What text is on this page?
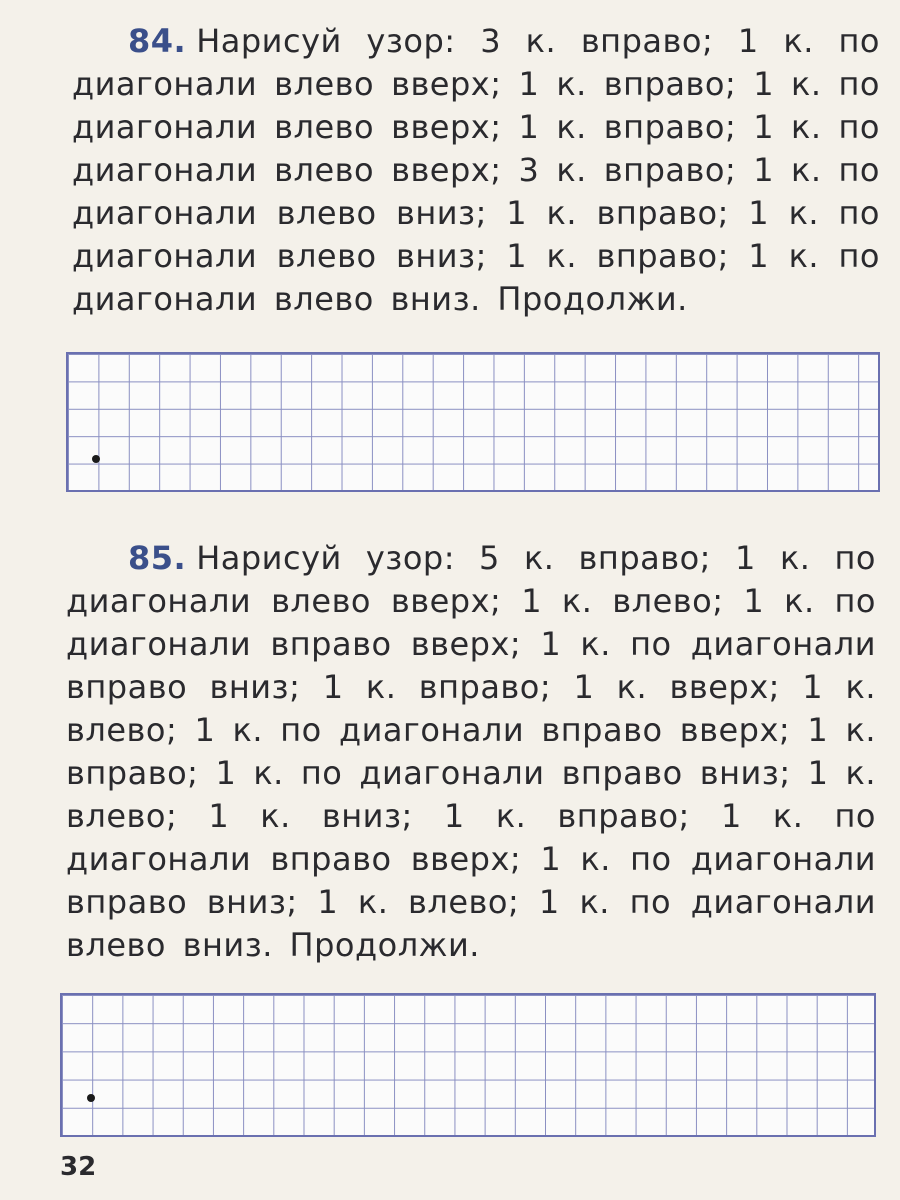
84. Нарисуй узор: 3 к. вправо; 1 к. по диагонали влево вверх; 1 к. вправо; 1 к. по диагонали влево вверх; 1 к. вправо; 1 к. по диагонали влево вверх; 3 к. вправо; 1 к. по диагонали влево вниз; 1 к. вправо; 1 к. по диагонали влево вниз; 1 к. вправо; 1 к. по диагонали влево вниз. Продолжи.
85. Нарисуй узор: 5 к. вправо; 1 к. по диагонали влево вверх; 1 к. влево; 1 к. по диагонали вправо вверх; 1 к. по диагонали вправо вниз; 1 к. вправо; 1 к. вверх; 1 к. влево; 1 к. по диагонали вправо вверх; 1 к. вправо; 1 к. по диагонали вправо вниз; 1 к. влево; 1 к. вниз; 1 к. вправо; 1 к. по диагонали вправо вверх; 1 к. по диагонали вправо вниз; 1 к. влево; 1 к. по диагонали влево вниз. Продолжи.
32
